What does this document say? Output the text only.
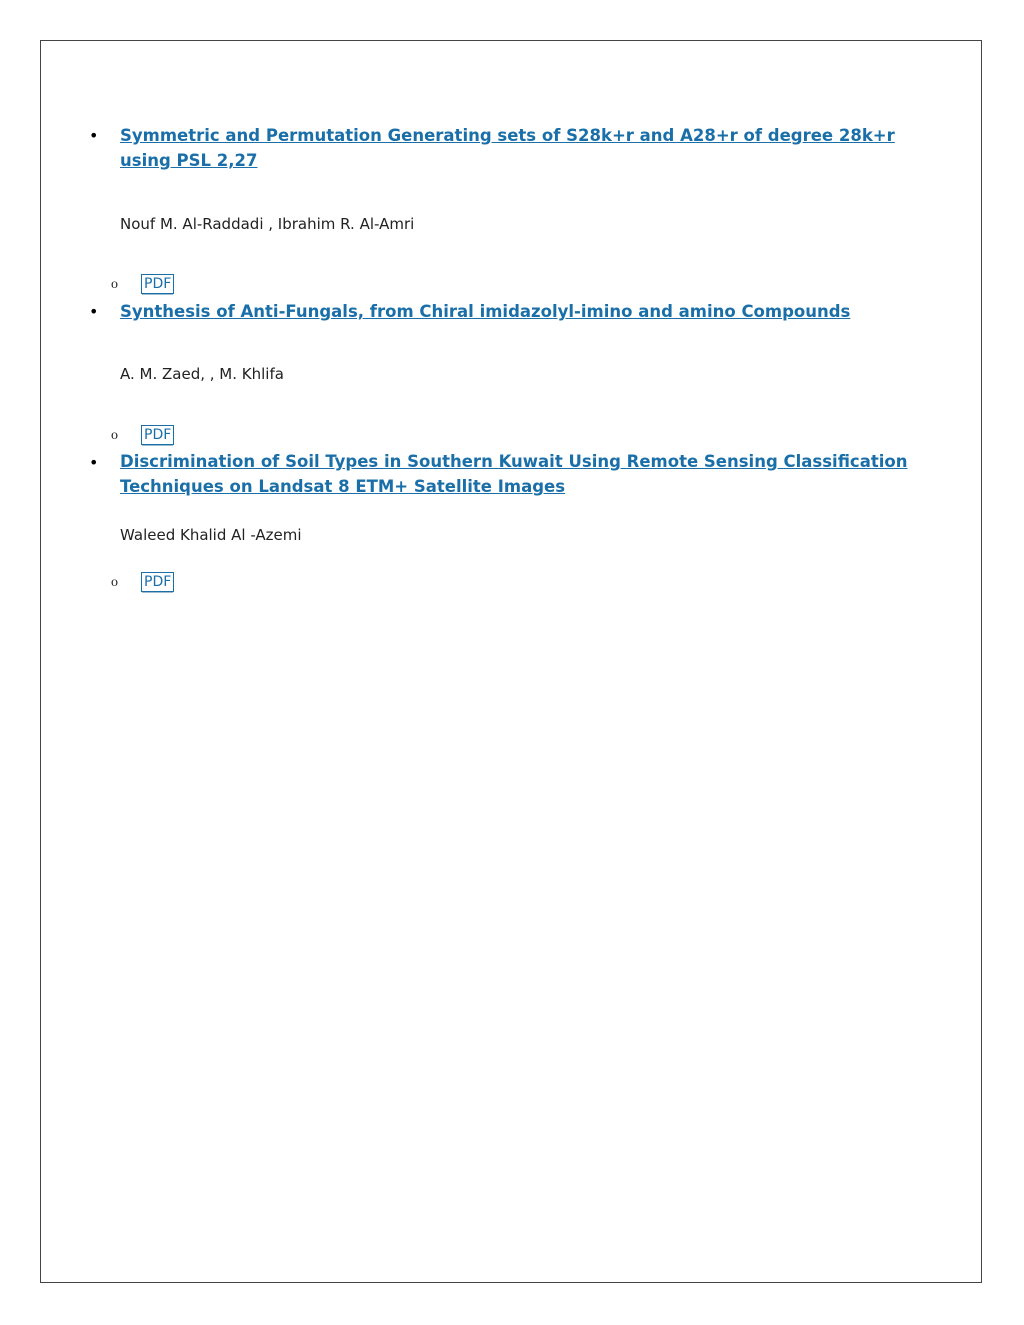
• Symmetric and Permutation Generating sets of S28k+r and A28+r of degree 28k+r using PSL 2,27
Nouf M. Al-Raddadi , Ibrahim R. Al-Amri
o PDF
• Synthesis of Anti-Fungals, from Chiral imidazolyl-imino and amino Compounds
A. M. Zaed, , M. Khlifa
o PDF
• Discrimination of Soil Types in Southern Kuwait Using Remote Sensing Classification Techniques on Landsat 8 ETM+ Satellite Images
Waleed Khalid Al -Azemi
o PDF
